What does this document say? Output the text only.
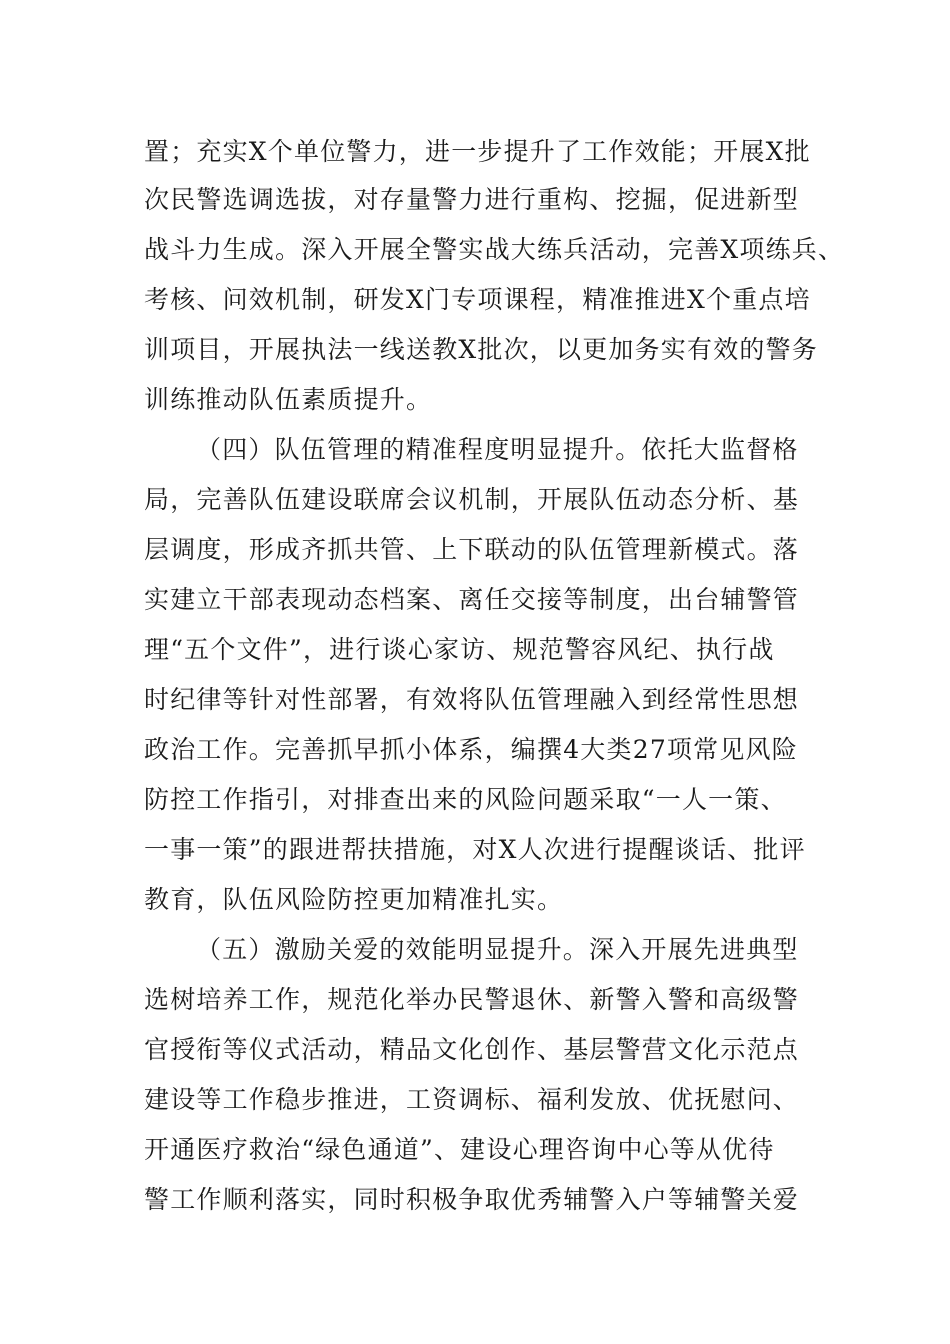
置；充实X个单位警力，进一步提升了工作效能；开展X批
次民警选调选拔，对存量警力进行重构、挖掘，促进新型
战斗力生成。深入开展全警实战大练兵活动，完善X项练兵、
考核、问效机制，研发X门专项课程，精准推进X个重点培
训项目，开展执法一线送教X批次，以更加务实有效的警务
训练推动队伍素质提升。
（四）队伍管理的精准程度明显提升。依托大监督格
局，完善队伍建设联席会议机制，开展队伍动态分析、基
层调度，形成齐抓共管、上下联动的队伍管理新模式。落
实建立干部表现动态档案、离任交接等制度，出台辅警管
理“五个文件”，进行谈心家访、规范警容风纪、执行战
时纪律等针对性部署，有效将队伍管理融入到经常性思想
政治工作。完善抓早抓小体系，编撰4大类27项常见风险
防控工作指引，对排查出来的风险问题采取“一人一策、
一事一策”的跟进帮扶措施，对X人次进行提醒谈话、批评
教育，队伍风险防控更加精准扎实。
（五）激励关爱的效能明显提升。深入开展先进典型
选树培养工作，规范化举办民警退休、新警入警和高级警
官授衔等仪式活动，精品文化创作、基层警营文化示范点
建设等工作稳步推进，工资调标、福利发放、优抚慰问、
开通医疗救治“绿色通道”、建设心理咨询中心等从优待
警工作顺利落实，同时积极争取优秀辅警入户等辅警关爱
